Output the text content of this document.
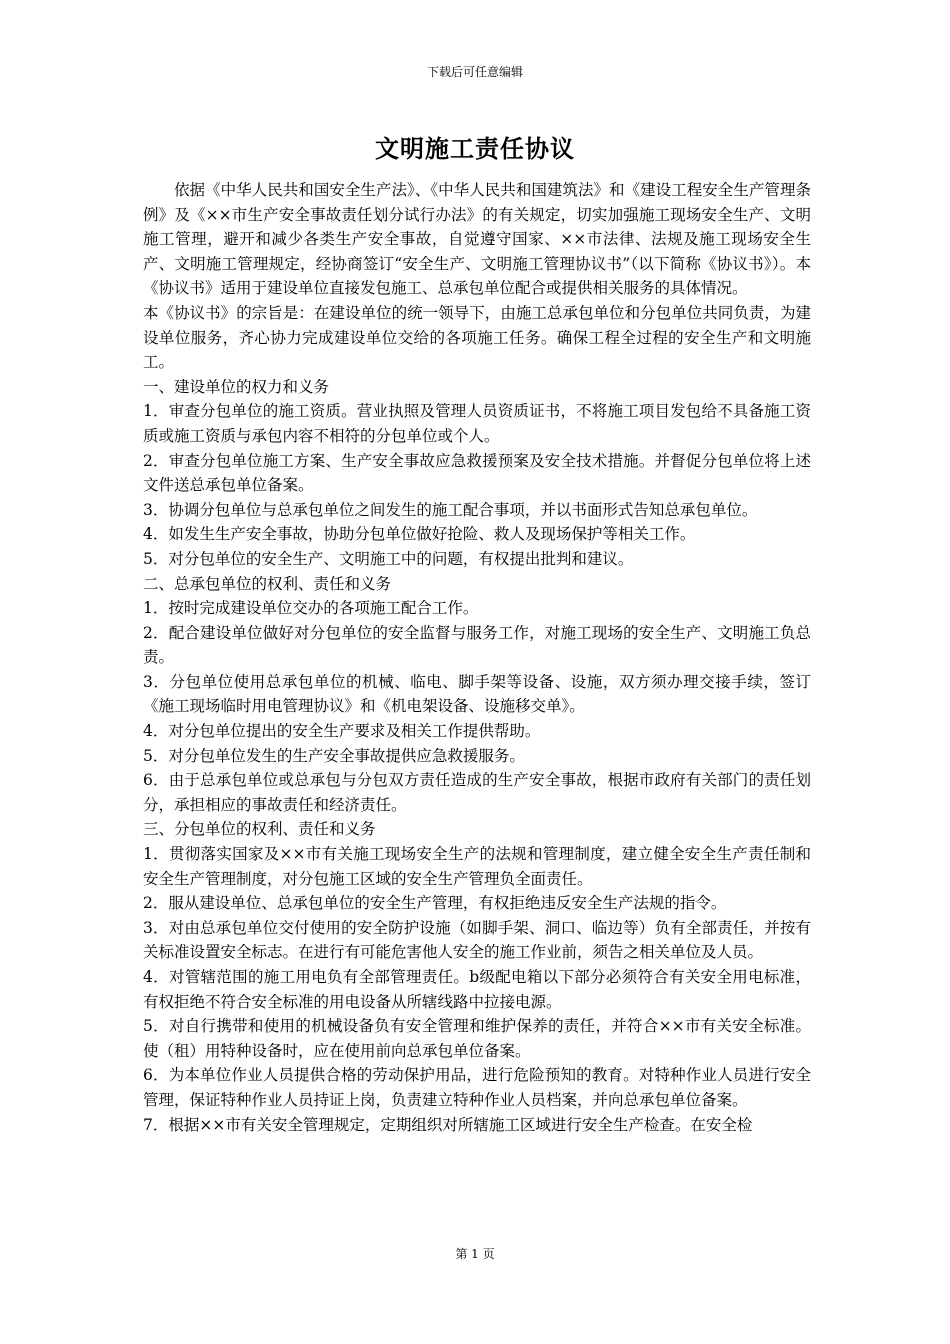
下载后可任意编辑
文明施工责任协议

依据《中华人民共和国安全生产法》、《中华人民共和国建筑法》和《建设工程安全生产管理条例》及《××市生产安全事故责任划分试行办法》的有关规定，切实加强施工现场安全生产、文明施工管理，避开和减少各类生产安全事故，自觉遵守国家、××市法律、法规及施工现场安全生产、文明施工管理规定，经协商签订“安全生产、文明施工管理协议书”（以下简称《协议书》）。本《协议书》适用于建设单位直接发包施工、总承包单位配合或提供相关服务的具体情况。

本《协议书》的宗旨是：在建设单位的统一领导下，由施工总承包单位和分包单位共同负责，为建设单位服务，齐心协力完成建设单位交给的各项施工任务。确保工程全过程的安全生产和文明施工。

一、建设单位的权力和义务

1．审查分包单位的施工资质。营业执照及管理人员资质证书，不将施工项目发包给不具备施工资质或施工资质与承包内容不相符的分包单位或个人。

2．审查分包单位施工方案、生产安全事故应急救援预案及安全技术措施。并督促分包单位将上述文件送总承包单位备案。

3．协调分包单位与总承包单位之间发生的施工配合事项，并以书面形式告知总承包单位。

4．如发生生产安全事故，协助分包单位做好抢险、救人及现场保护等相关工作。

5．对分包单位的安全生产、文明施工中的问题，有权提出批判和建议。

二、总承包单位的权利、责任和义务

1．按时完成建设单位交办的各项施工配合工作。

2．配合建设单位做好对分包单位的安全监督与服务工作，对施工现场的安全生产、文明施工负总责。

3．分包单位使用总承包单位的机械、临电、脚手架等设备、设施，双方须办理交接手续，签订《施工现场临时用电管理协议》和《机电架设备、设施移交单》。

4．对分包单位提出的安全生产要求及相关工作提供帮助。

5．对分包单位发生的生产安全事故提供应急救援服务。

6．由于总承包单位或总承包与分包双方责任造成的生产安全事故，根据市政府有关部门的责任划分，承担相应的事故责任和经济责任。

三、分包单位的权利、责任和义务

1．贯彻落实国家及××市有关施工现场安全生产的法规和管理制度，建立健全安全生产责任制和安全生产管理制度，对分包施工区域的安全生产管理负全面责任。

2．服从建设单位、总承包单位的安全生产管理，有权拒绝违反安全生产法规的指令。

3．对由总承包单位交付使用的安全防护设施（如脚手架、洞口、临边等）负有全部责任，并按有关标准设置安全标志。在进行有可能危害他人安全的施工作业前，须告之相关单位及人员。

4．对管辖范围的施工用电负有全部管理责任。b级配电箱以下部分必须符合有关安全用电标准，有权拒绝不符合安全标准的用电设备从所辖线路中拉接电源。

5．对自行携带和使用的机械设备负有安全管理和维护保养的责任，并符合××市有关安全标准。使（租）用特种设备时，应在使用前向总承包单位备案。

6．为本单位作业人员提供合格的劳动保护用品，进行危险预知的教育。对特种作业人员进行安全管理，保证特种作业人员持证上岗，负责建立特种作业人员档案，并向总承包单位备案。

7．根据××市有关安全管理规定，定期组织对所辖施工区域进行安全生产检查。在安全检

第 1 页
